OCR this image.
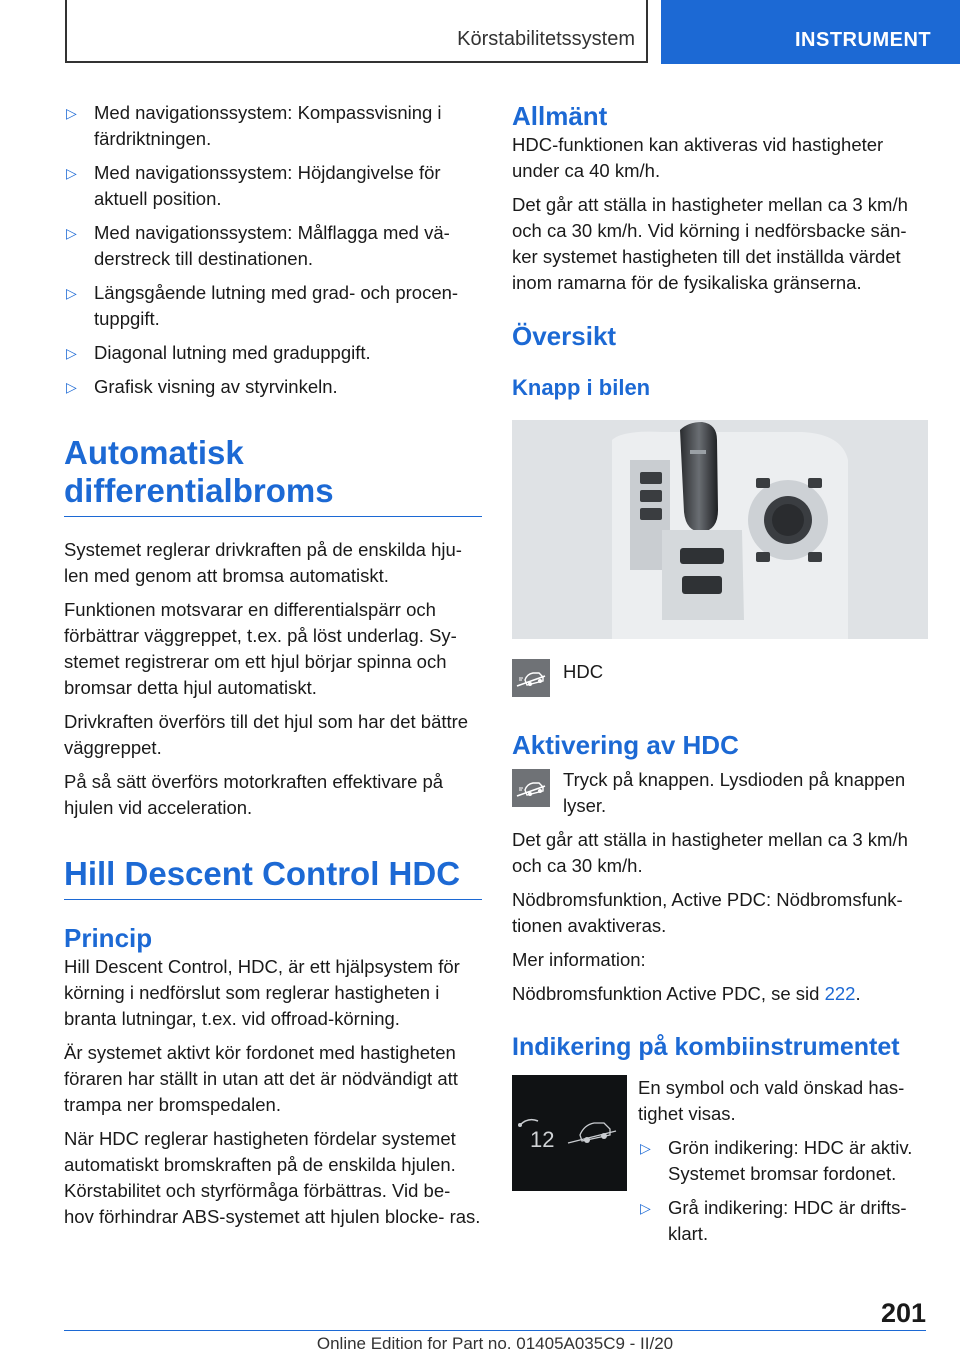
Körstabilitetssystem	INSTRUMENT
▷ Med navigationssystem: Kompassvisning i färdriktningen.
▷ Med navigationssystem: Höjdangivelse för aktuell position.
▷ Med navigationssystem: Målflagga med vä- derstreck till destinationen.
▷ Längsgående lutning med grad- och procen- tuppgift.
▷ Diagonal lutning med graduppgift.
▷ Grafisk visning av styrvinkeln.
Automatisk
differentialbroms

Systemet reglerar drivkraften på de enskilda hju- len med genom att bromsa automatiskt.

Funktionen motsvarar en differentialspärr och förbättrar väggreppet, t.ex. på löst underlag. Sy- stemet registrerar om ett hjul börjar spinna och bromsar detta hjul automatiskt.

Drivkraften överförs till det hjul som har det bättre väggreppet.

På så sätt överförs motorkraften effektivare på hjulen vid acceleration.

Hill Descent Control HDC
Princip

Hill Descent Control, HDC, är ett hjälpsystem för körning i nedförslut som reglerar hastigheten i branta lutningar, t.ex. vid offroad-körning.

Är systemet aktivt kör fordonet med hastigheten föraren har ställt in utan att det är nödvändigt att trampa ner bromspedalen.

När HDC reglerar hastigheten fördelar systemet automatiskt bromskraften på de enskilda hjulen. Körstabilitet och styrförmåga förbättras. Vid be- hov förhindrar ABS-systemet att hjulen blocke- ras.

Allmänt

HDC-funktionen kan aktiveras vid hastigheter under ca 40 km/h.

Det går att ställa in hastigheter mellan ca 3 km/h och ca 30 km/h. Vid körning i nedförsbacke sän- ker systemet hastigheten till det inställda värdet inom ramarna för de fysikaliska gränserna.

Översikt
Knapp i bilen
HDC
Aktivering av HDC

Tryck på knappen. Lysdioden på knappen lyser.

Det går att ställa in hastigheter mellan ca 3 km/h och ca 30 km/h.

Nödbromsfunktion, Active PDC: Nödbromsfunk- tionen avaktiveras.

Mer information:

Nödbromsfunktion Active PDC, se sid 222.

Indikering på kombiinstrumentet
12

En symbol och vald önskad has- tighet visas.

▷ Grön indikering: HDC är aktiv. Systemet bromsar fordonet.
▷ Grå indikering: HDC är drifts- klart.
201
Online Edition for Part no. 01405A035C9 - II/20
